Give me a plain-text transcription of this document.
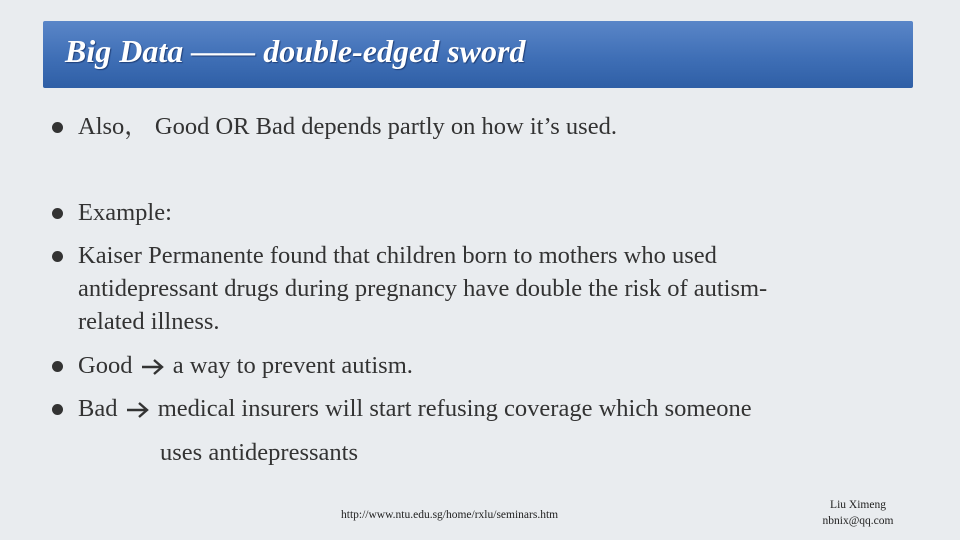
Big Data —— double-edged sword
Also， Good OR Bad depends partly on how it’s used.
Example:
Kaiser Permanente found that children born to mothers who used
antidepressant drugs during pregnancy have double the risk of autism-
related illness.
Good a way to prevent autism.
Bad medical insurers will start refusing coverage which someone
uses antidepressants
http://www.ntu.edu.sg/home/rxlu/seminars.htm
Liu Ximeng
nbnix@qq.com
